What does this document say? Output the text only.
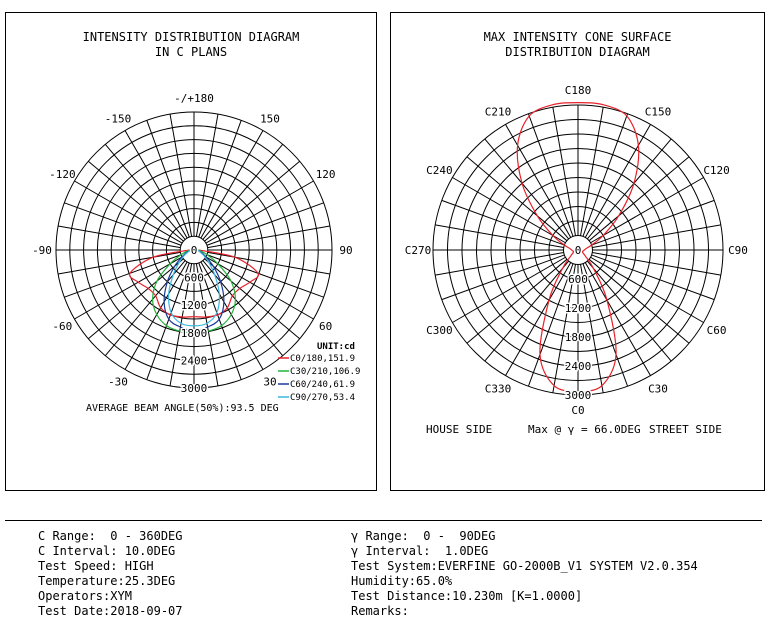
INTENSITY DISTRIBUTION DIAGRAM
IN C PLANS
-/+180
-150	150
-120	120
-90	90
-60	60
-30	30
0
600
1200
1800
2400
3000
UNIT:cd
C0/180,151.9
C30/210,106.9
C60/240,61.9
C90/270,53.4
AVERAGE BEAM ANGLE(50%):93.5 DEG
MAX INTENSITY CONE SURFACE
DISTRIBUTION DIAGRAM
C180
C150
C210
C120
C240
C90
C270
C60
C300
C30
C330
C0
0
600
1200
1800
2400
3000
HOUSE SIDE	Max @ γ = 66.0DEG STREET SIDE
C Range:  0 - 360DEG
C Interval: 10.0DEG
Test Speed: HIGH
Temperature:25.3DEG
Operators:XYM
Test Date:2018-09-07
γ Range:  0 -  90DEG
γ Interval:  1.0DEG
Test System:EVERFINE GO-2000B_V1 SYSTEM V2.0.354
Humidity:65.0%
Test Distance:10.230m [K=1.0000]
Remarks:
